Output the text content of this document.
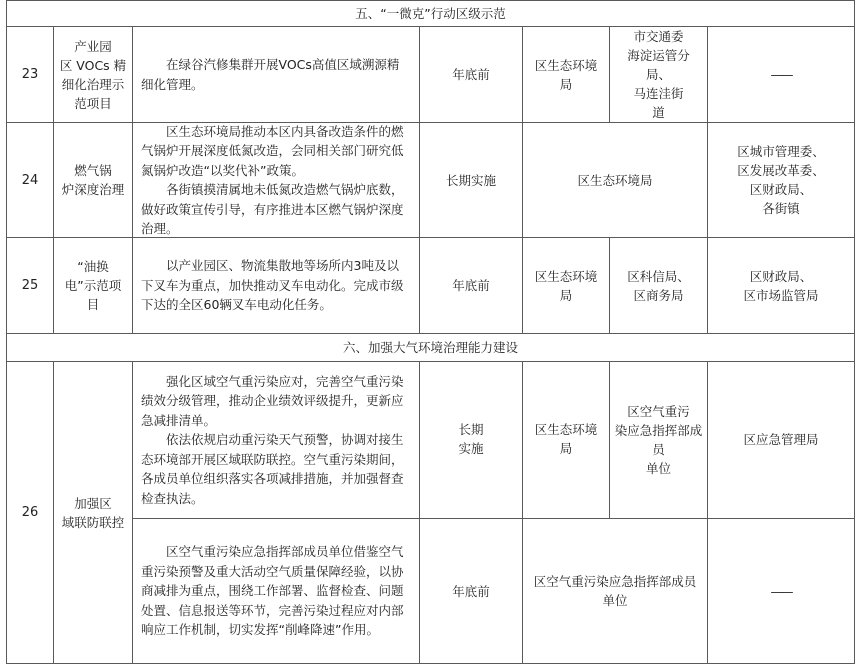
五、“一微克”行动区级示范
23
产业园
区 VOCs 精
细化治理示
范项目

在绿谷汽修集群开展VOCs高值区域溯源精细化管理。

年底前
区生态环境
局
市交通委
海淀运管分
局、
马连洼街
道
——
24
燃气锅
炉深度治理

区生态环境局推动本区内具备改造条件的燃气锅炉开展深度低氮改造，会同相关部门研究低氮锅炉改造“以奖代补”政策。

各街镇摸清属地未低氮改造燃气锅炉底数，做好政策宣传引导，有序推进本区燃气锅炉深度治理。

长期实施	区生态环境局
区城市管理委、
区发展改革委、
区财政局、
各街镇
25
“油换
电”示范项
目

以产业园区、物流集散地等场所内3吨及以下叉车为重点，加快推动叉车电动化。完成市级下达的全区60辆叉车电动化任务。

年底前
区生态环境
局
区科信局、
区商务局
区财政局、
区市场监管局
六、加强大气环境治理能力建设
26
加强区
域联防联控

强化区域空气重污染应对，完善空气重污染绩效分级管理，推动企业绩效评级提升，更新应急减排清单。

依法依规启动重污染天气预警，协调对接生态环境部开展区域联防联控。空气重污染期间，各成员单位组织落实各项减排措施，并加强督查检查执法。

长期
实施
区生态环境
局
区空气重污
染应急指挥部成
员
单位
区应急管理局

区空气重污染应急指挥部成员单位借鉴空气重污染预警及重大活动空气质量保障经验，以协商减排为重点，围绕工作部署、监督检查、问题处置、信息报送等环节，完善污染过程应对内部响应工作机制，切实发挥“削峰降速”作用。

年底前
区空气重污染应急指挥部成员
单位
——
